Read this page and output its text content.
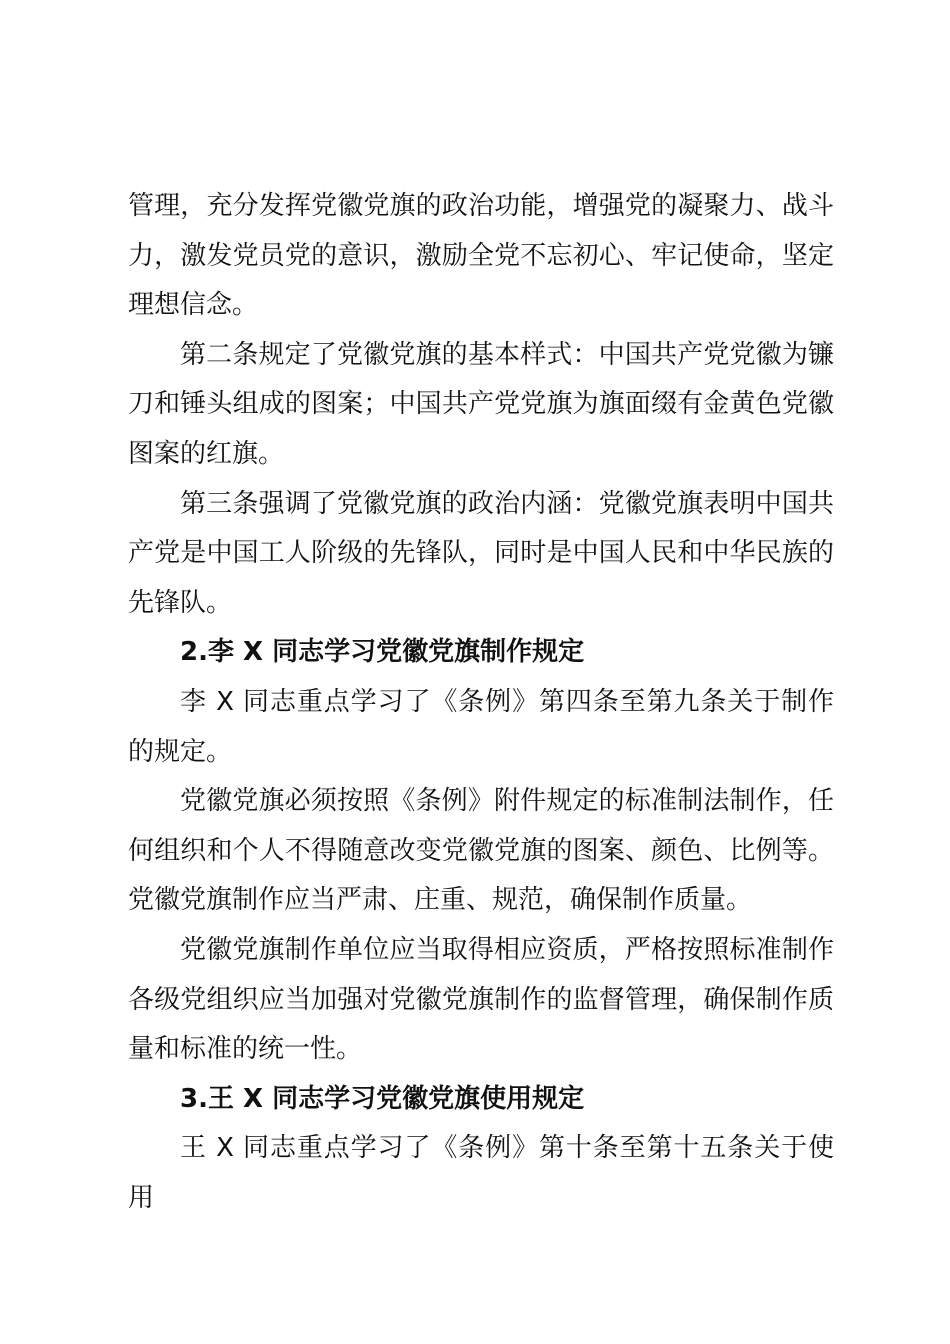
管理，充分发挥党徽党旗的政治功能，增强党的凝聚力、战斗力，激发党员党的意识，激励全党不忘初心、牢记使命，坚定理想信念。

第二条规定了党徽党旗的基本样式：中国共产党党徽为镰刀和锤头组成的图案；中国共产党党旗为旗面缀有金黄色党徽图案的红旗。

第三条强调了党徽党旗的政治内涵：党徽党旗表明中国共产党是中国工人阶级的先锋队，同时是中国人民和中华民族的先锋队。

2.李 X 同志学习党徽党旗制作规定

李 X 同志重点学习了《条例》第四条至第九条关于制作的规定。

党徽党旗必须按照《条例》附件规定的标准制法制作，任何组织和个人不得随意改变党徽党旗的图案、颜色、比例等。党徽党旗制作应当严肃、庄重、规范，确保制作质量。

党徽党旗制作单位应当取得相应资质，严格按照标准制作各级党组织应当加强对党徽党旗制作的监督管理，确保制作质量和标准的统一性。

3.王 X 同志学习党徽党旗使用规定

王 X 同志重点学习了《条例》第十条至第十五条关于使用
